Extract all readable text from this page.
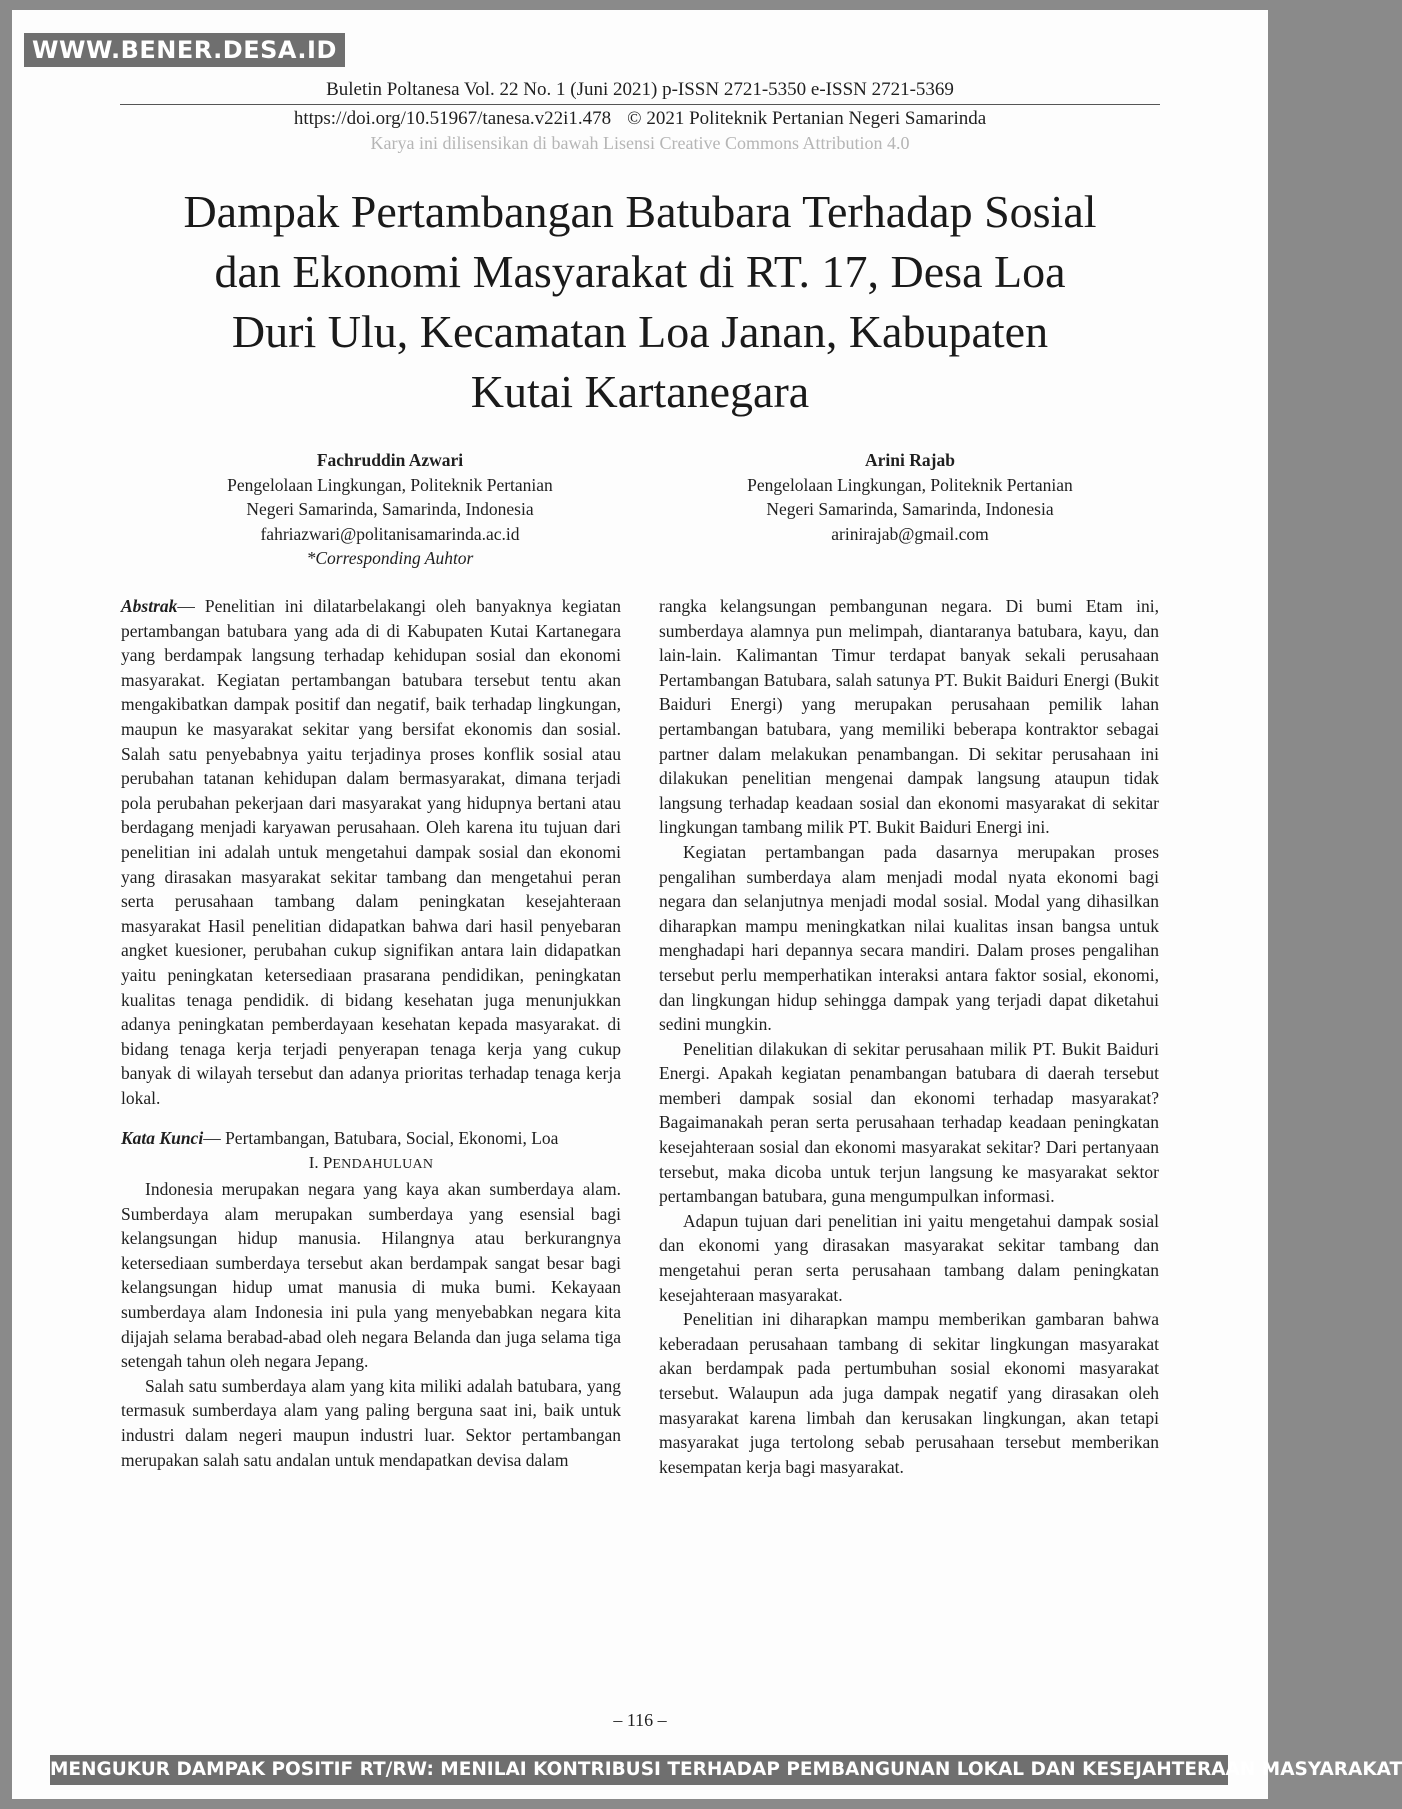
WWW.BENER.DESA.ID
Buletin Poltanesa Vol. 22 No. 1 (Juni 2021) p-ISSN 2721-5350 e-ISSN 2721-5369
https://doi.org/10.51967/tanesa.v22i1.478 © 2021 Politeknik Pertanian Negeri Samarinda
Karya ini dilisensikan di bawah Lisensi Creative Commons Attribution 4.0
Dampak Pertambangan Batubara Terhadap Sosial
dan Ekonomi Masyarakat di RT. 17, Desa Loa
Duri Ulu, Kecamatan Loa Janan, Kabupaten
Kutai Kartanegara
Fachruddin Azwari
Pengelolaan Lingkungan, Politeknik Pertanian
Negeri Samarinda, Samarinda, Indonesia
fahriazwari@politanisamarinda.ac.id
*Corresponding Auhtor
Arini Rajab
Pengelolaan Lingkungan, Politeknik Pertanian
Negeri Samarinda, Samarinda, Indonesia
arinirajab@gmail.com

Abstrak— Penelitian ini dilatarbelakangi oleh banyaknya kegiatan pertambangan batubara yang ada di di Kabupaten Kutai Kartanegara yang berdampak langsung terhadap kehidupan sosial dan ekonomi masyarakat. Kegiatan pertambangan batubara tersebut tentu akan mengakibatkan dampak positif dan negatif, baik terhadap lingkungan, maupun ke masyarakat sekitar yang bersifat ekonomis dan sosial. Salah satu penyebabnya yaitu terjadinya proses konflik sosial atau perubahan tatanan kehidupan dalam bermasyarakat, dimana terjadi pola perubahan pekerjaan dari masyarakat yang hidupnya bertani atau berdagang menjadi karyawan perusahaan. Oleh karena itu tujuan dari penelitian ini adalah untuk mengetahui dampak sosial dan ekonomi yang dirasakan masyarakat sekitar tambang dan mengetahui peran serta perusahaan tambang dalam peningkatan kesejahteraan masyarakat Hasil penelitian didapatkan bahwa dari hasil penyebaran angket kuesioner, perubahan cukup signifikan antara lain didapatkan yaitu peningkatan ketersediaan prasarana pendidikan, peningkatan kualitas tenaga pendidik. di bidang kesehatan juga menunjukkan adanya peningkatan pemberdayaan kesehatan kepada masyarakat. di bidang tenaga kerja terjadi penyerapan tenaga kerja yang cukup banyak di wilayah tersebut dan adanya prioritas terhadap tenaga kerja lokal.

Kata Kunci— Pertambangan, Batubara, Social, Ekonomi, Loa

I. PENDAHULUAN

Indonesia merupakan negara yang kaya akan sumberdaya alam. Sumberdaya alam merupakan sumberdaya yang esensial bagi kelangsungan hidup manusia. Hilangnya atau berkurangnya ketersediaan sumberdaya tersebut akan berdampak sangat besar bagi kelangsungan hidup umat manusia di muka bumi. Kekayaan sumberdaya alam Indonesia ini pula yang menyebabkan negara kita dijajah selama berabad-abad oleh negara Belanda dan juga selama tiga setengah tahun oleh negara Jepang.

Salah satu sumberdaya alam yang kita miliki adalah batubara, yang termasuk sumberdaya alam yang paling berguna saat ini, baik untuk industri dalam negeri maupun industri luar. Sektor pertambangan merupakan salah satu andalan untuk mendapatkan devisa dalam

rangka kelangsungan pembangunan negara. Di bumi Etam ini, sumberdaya alamnya pun melimpah, diantaranya batubara, kayu, dan lain-lain. Kalimantan Timur terdapat banyak sekali perusahaan Pertambangan Batubara, salah satunya PT. Bukit Baiduri Energi (Bukit Baiduri Energi) yang merupakan perusahaan pemilik lahan pertambangan batubara, yang memiliki beberapa kontraktor sebagai partner dalam melakukan penambangan. Di sekitar perusahaan ini dilakukan penelitian mengenai dampak langsung ataupun tidak langsung terhadap keadaan sosial dan ekonomi masyarakat di sekitar lingkungan tambang milik PT. Bukit Baiduri Energi ini.

Kegiatan pertambangan pada dasarnya merupakan proses pengalihan sumberdaya alam menjadi modal nyata ekonomi bagi negara dan selanjutnya menjadi modal sosial. Modal yang dihasilkan diharapkan mampu meningkatkan nilai kualitas insan bangsa untuk menghadapi hari depannya secara mandiri. Dalam proses pengalihan tersebut perlu memperhatikan interaksi antara faktor sosial, ekonomi, dan lingkungan hidup sehingga dampak yang terjadi dapat diketahui sedini mungkin.

Penelitian dilakukan di sekitar perusahaan milik PT. Bukit Baiduri Energi. Apakah kegiatan penambangan batubara di daerah tersebut memberi dampak sosial dan ekonomi terhadap masyarakat? Bagaimanakah peran serta perusahaan terhadap keadaan peningkatan kesejahteraan sosial dan ekonomi masyarakat sekitar? Dari pertanyaan tersebut, maka dicoba untuk terjun langsung ke masyarakat sektor pertambangan batubara, guna mengumpulkan informasi.

Adapun tujuan dari penelitian ini yaitu mengetahui dampak sosial dan ekonomi yang dirasakan masyarakat sekitar tambang dan mengetahui peran serta perusahaan tambang dalam peningkatan kesejahteraan masyarakat.

Penelitian ini diharapkan mampu memberikan gambaran bahwa keberadaan perusahaan tambang di sekitar lingkungan masyarakat akan berdampak pada pertumbuhan sosial ekonomi masyarakat tersebut. Walaupun ada juga dampak negatif yang dirasakan oleh masyarakat karena limbah dan kerusakan lingkungan, akan tetapi masyarakat juga tertolong sebab perusahaan tersebut memberikan kesempatan kerja bagi masyarakat.

– 116 –
MENGUKUR DAMPAK POSITIF RT/RW: MENILAI KONTRIBUSI TERHADAP PEMBANGUNAN LOKAL DAN KESEJAHTERAAN MASYARAKAT
